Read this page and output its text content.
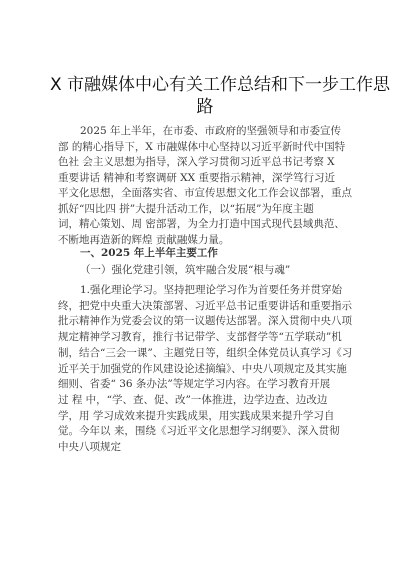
X 市融媒体中心有关工作总结和下一步工作思
路
2025 年上半年，在市委、市政府的坚强领导和市委宣传
部 的精心指导下，X 市融媒体中心坚持以习近平新时代中国特
色社 会主义思想为指导，深入学习贯彻习近平总书记考察 X
重要讲话 精神和考察调研 XX 重要指示精神，深学笃行习近
平文化思想，全面落实省、市宣传思想文化工作会议部署，重点
抓好“四比四 拼”大提升活动工作，以“拓展”为年度主题
词，精心策划、周 密部署，为全力打造中国式现代县域典范、
不断地再造新的辉煌 贡献融媒力量。
一、2025 年上半年主要工作
（一）强化党建引领，筑牢融合发展“根与魂”
1.强化理论学习。坚持把理论学习作为首要任务并贯穿始
终，把党中央重大决策部署、习近平总书记重要讲话和重要指示
批示精神作为党委会议的第一议题传达部署。深入贯彻中央八项
规定精神学习教育，推行书记带学、支部督学等“五学联动”机
制，结合“三会一课”、主题党日等，组织全体党员认真学习《习
近平关于加强党的作风建设论述摘编》、中央八项规定及其实施
细则、省委“ 36 条办法”等规定学习内容。在学习教育开展
过 程 中，“学、查、促、改”一体推进，边学边查、边改边
学，用 学习成效来提升实践成果，用实践成果来提升学习自
觉。今年以 来，围绕《习近平文化思想学习纲要》、深入贯彻
中央八项规定
